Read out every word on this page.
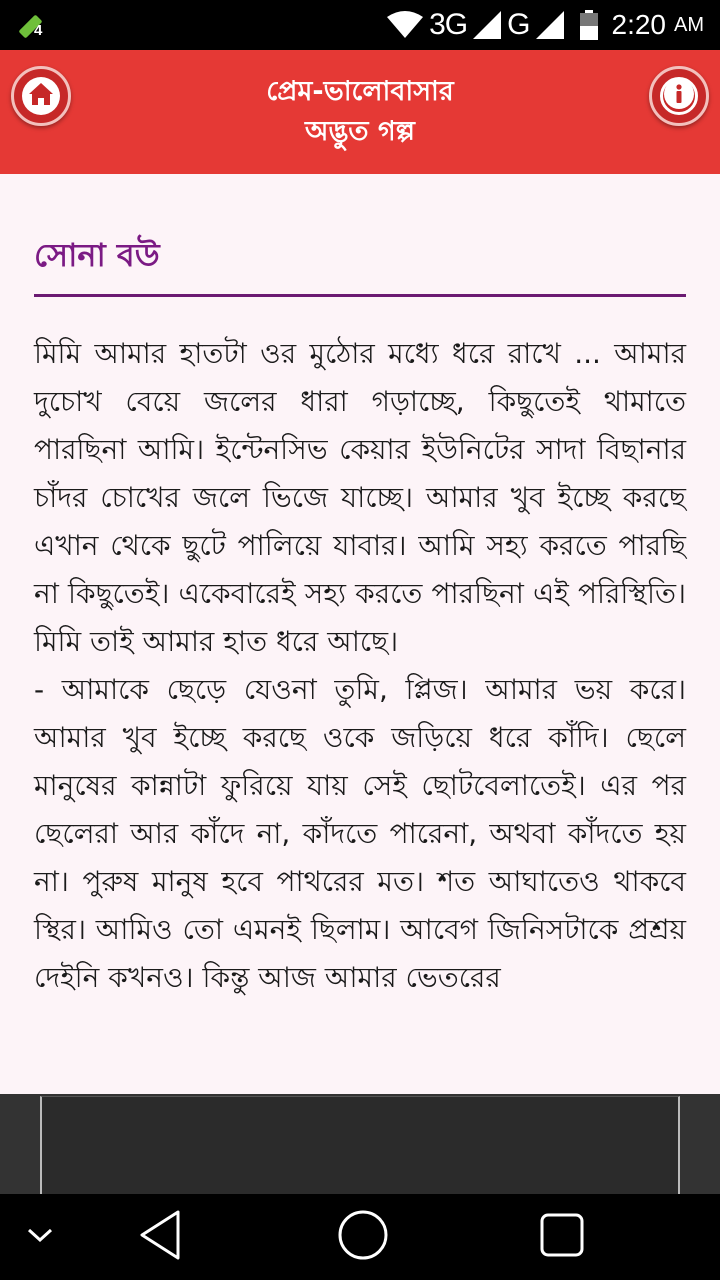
4	3G G	2:20 AM
প্রেম-ভালোবাসার
অদ্ভুত গল্প
সোনা বউ

মিমি আমার হাতটা ওর মুঠোর মধ্যে ধরে রাখে ... আমার দুচোখ বেয়ে জলের ধারা গড়াচ্ছে, কিছুতেই থামাতে পারছিনা আমি। ইন্টেনসিভ কেয়ার ইউনিটের সাদা বিছানার চাঁদর চোখের জলে ভিজে যাচ্ছে। আমার খুব ইচ্ছে করছে এখান থেকে ছুটে পালিয়ে যাবার। আমি সহ্য করতে পারছি না কিছুতেই। একেবারেই সহ্য করতে পারছিনা এই পরিস্থিতি। মিমি তাই আমার হাত ধরে আছে।

- আমাকে ছেড়ে যেওনা তুমি, প্লিজ। আমার ভয় করে। আমার খুব ইচ্ছে করছে ওকে জড়িয়ে ধরে কাঁদি। ছেলে মানুষের কান্নাটা ফুরিয়ে যায় সেই ছোটবেলাতেই। এর পর ছেলেরা আর কাঁদে না, কাঁদতে পারেনা, অথবা কাঁদতে হয় না। পুরুষ মানুষ হবে পাথরের মত। শত আঘাতেও থাকবে স্থির। আমিও তো এমনই ছিলাম। আবেগ জিনিসটাকে প্রশ্রয় দেইনি কখনও। কিন্তু আজ আমার ভেতরের
